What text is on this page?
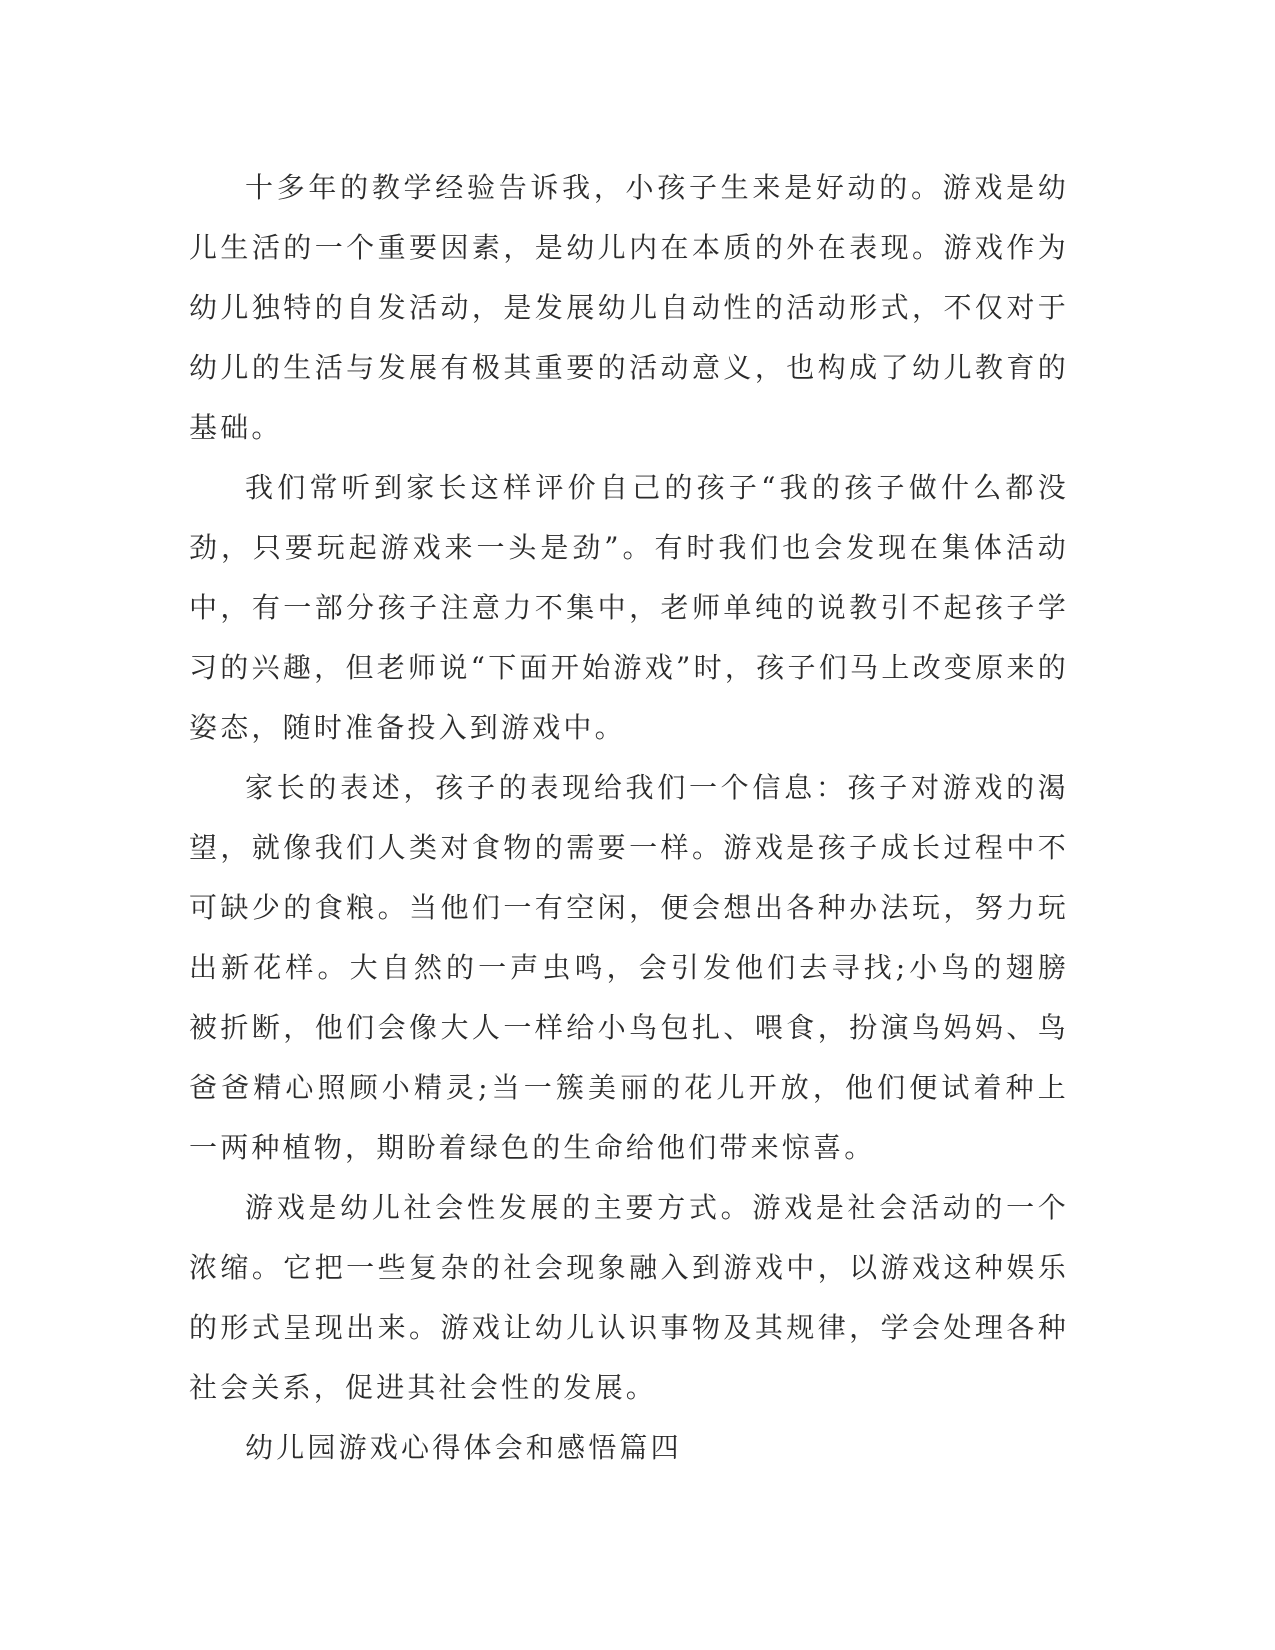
十多年的教学经验告诉我，小孩子生来是好动的。游戏是幼儿生活的一个重要因素，是幼儿内在本质的外在表现。游戏作为幼儿独特的自发活动，是发展幼儿自动性的活动形式，不仅对于幼儿的生活与发展有极其重要的活动意义，也构成了幼儿教育的基础。

我们常听到家长这样评价自己的孩子“我的孩子做什么都没劲，只要玩起游戏来一头是劲”。有时我们也会发现在集体活动中，有一部分孩子注意力不集中，老师单纯的说教引不起孩子学习的兴趣，但老师说“下面开始游戏”时，孩子们马上改变原来的姿态，随时准备投入到游戏中。

家长的表述，孩子的表现给我们一个信息：孩子对游戏的渴望，就像我们人类对食物的需要一样。游戏是孩子成长过程中不可缺少的食粮。当他们一有空闲，便会想出各种办法玩，努力玩出新花样。大自然的一声虫鸣，会引发他们去寻找;小鸟的翅膀被折断，他们会像大人一样给小鸟包扎、喂食，扮演鸟妈妈、鸟爸爸精心照顾小精灵;当一簇美丽的花儿开放，他们便试着种上一两种植物，期盼着绿色的生命给他们带来惊喜。

游戏是幼儿社会性发展的主要方式。游戏是社会活动的一个浓缩。它把一些复杂的社会现象融入到游戏中，以游戏这种娱乐的形式呈现出来。游戏让幼儿认识事物及其规律，学会处理各种社会关系，促进其社会性的发展。

幼儿园游戏心得体会和感悟篇四
